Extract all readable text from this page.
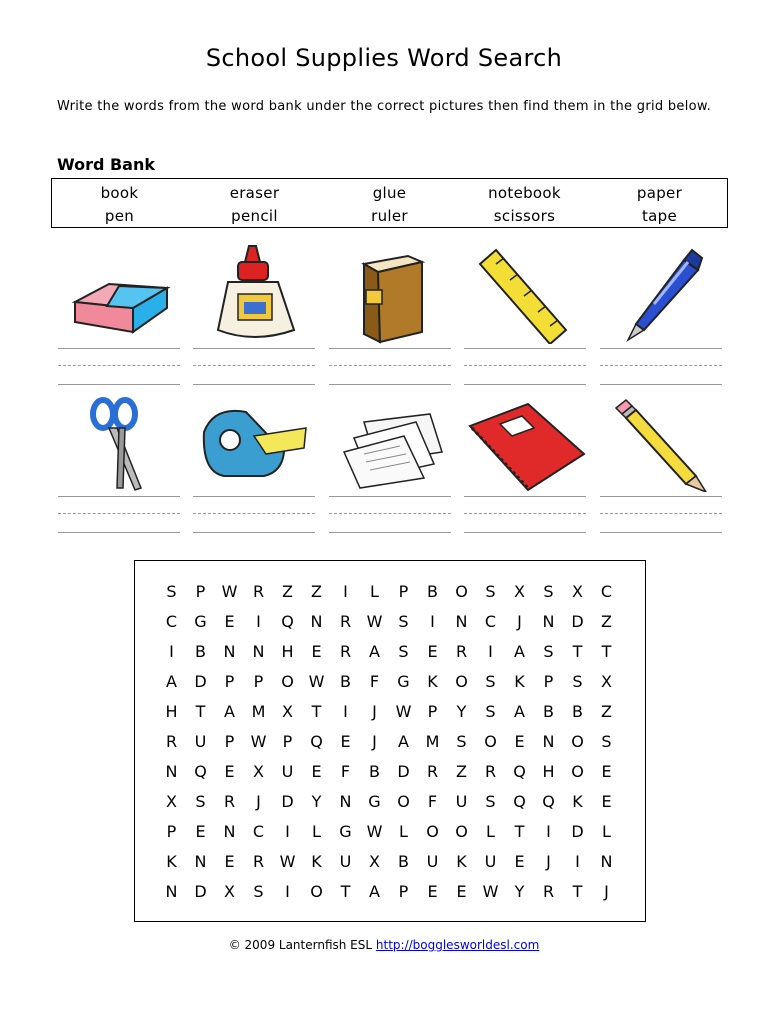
School Supplies Word Search
Write the words from the word bank under the correct pictures then find them in the grid below.
Word Bank
book	eraser	glue	notebook	paper
pen	pencil	ruler	scissors	tape
S	P	W R	Z	Z	I	L	P	B	O	S	X	S	X	C
C	G	E	I	Q	N	R W	S	I	N	C	J	N	D	Z
I	B	N	N	H	E	R	A	S	E	R	I	A	S	T	T
A	D	P	P	O W B	F	G	K	O	S	K	P	S	X
H	T	A	M	X	T	I	J	W	P	Y	S	A	B	B	Z
R	U	P	W	P	Q	E	J	A	M	S	O	E	N	O	S
N	Q	E	X	U	E	F	B	D	R	Z	R	Q	H	O	E
X	S	R	J	D	Y	N	G	O	F	U	S	Q	Q	K	E
P	E	N	C	I	L	G W	L	O	O	L	T	I	D	L
K	N	E	R W K	U	X	B	U	K	U	E	J	I	N
N	D	X	S	I	O	T	A	P	E	E	W	Y	R	T	J
© 2009 Lanternfish ESL http://bogglesworldesl.com
